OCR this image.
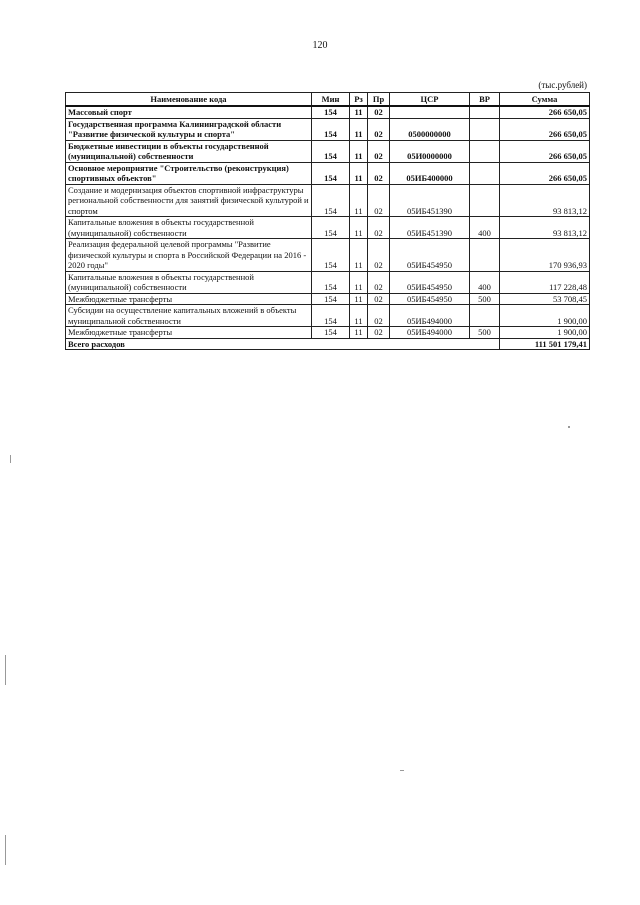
120
(тыс.рублей)
Наименование кода	Мин	Рз	Пр	ЦСР	ВР	Сумма
Массовый спорт	154	11	02			266 650,05
Государственная программа Калининградской области "Развитие физической культуры и спорта"	154	11	02	0500000000		266 650,05
Бюджетные инвестиции в объекты государственной (муниципальной) собственности	154	11	02	05И0000000		266 650,05
Основное мероприятие "Строительство (реконструкция) спортивных объектов"	154	11	02	05ИБ400000		266 650,05
Создание и модернизация объектов спортивной инфраструктуры региональной собственности для занятий физической культурой и спортом	154	11	02	05ИБ451390		93 813,12
Капитальные вложения в объекты государственной (муниципальной) собственности	154	11	02	05ИБ451390	400	93 813,12
Реализация федеральной целевой программы "Развитие физической культуры и спорта в Российской Федерации на 2016 - 2020 годы"	154	11	02	05ИБ454950		170 936,93
Капитальные вложения в объекты государственной (муниципальной) собственности	154	11	02	05ИБ454950	400	117 228,48
Межбюджетные трансферты	154	11	02	05ИБ454950	500	53 708,45
Субсидии на осуществление капитальных вложений в объекты муниципальной собственности	154	11	02	05ИБ494000		1 900,00
Межбюджетные трансферты	154	11	02	05ИБ494000	500	1 900,00
Всего расходов						111 501 179,41
